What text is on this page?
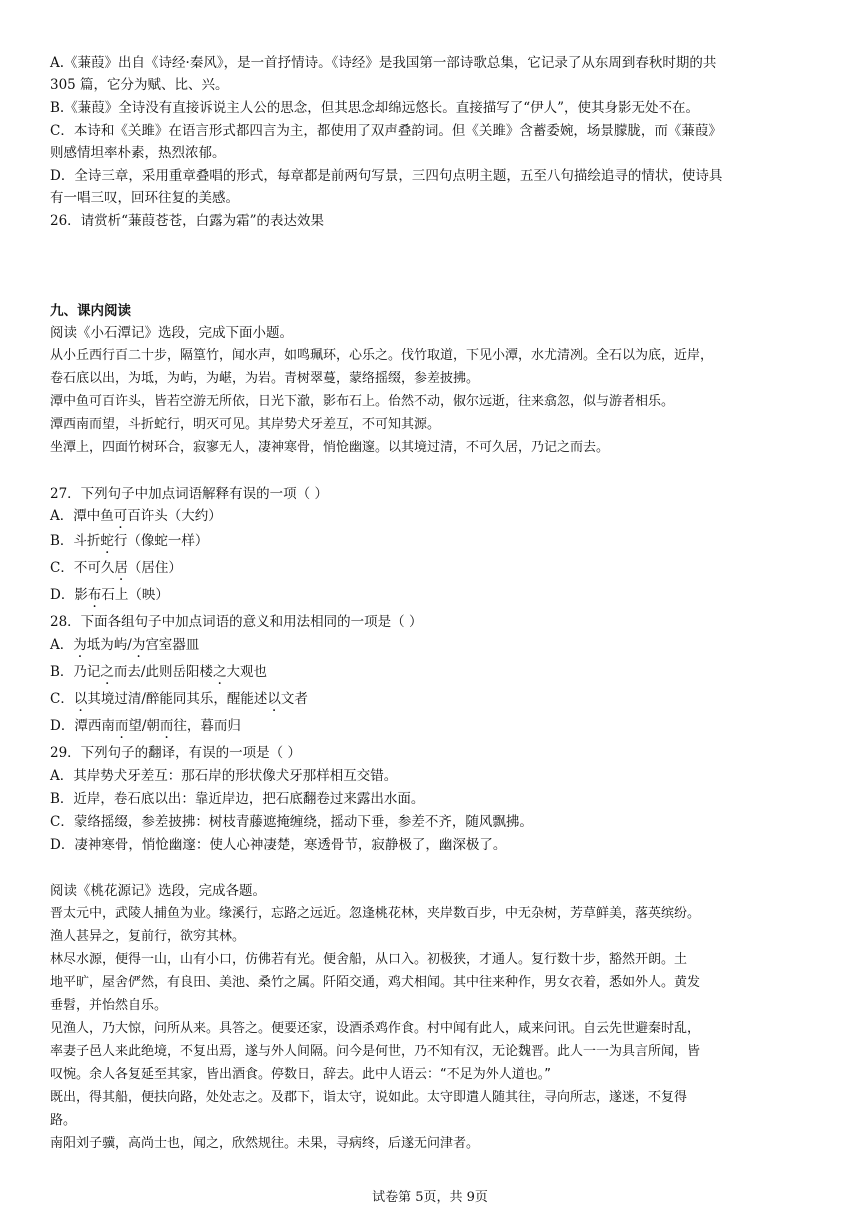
A.《蒹葭》出自《诗经·秦风》，是一首抒情诗。《诗经》是我国第一部诗歌总集，它记录了从东周到春秋时期的共
305 篇，它分为赋、比、兴。
B.《蒹葭》全诗没有直接诉说主人公的思念，但其思念却绵远悠长。直接描写了“伊人”，使其身影无处不在。
C．本诗和《关雎》在语言形式都四言为主，都使用了双声叠韵词。但《关雎》含蓄委婉，场景朦胧，而《蒹葭》
则感情坦率朴素，热烈浓郁。
D．全诗三章，采用重章叠唱的形式，每章都是前两句写景，三四句点明主题，五至八句描绘追寻的情状，使诗具
有一唱三叹，回环往复的美感。
26．请赏析“蒹葭苍苍，白露为霜”的表达效果
九、课内阅读
阅读《小石潭记》选段，完成下面小题。
从小丘西行百二十步，隔篁竹，闻水声，如鸣珮环，心乐之。伐竹取道，下见小潭，水尤清冽。全石以为底，近岸，
卷石底以出，为坻，为屿，为嵁，为岩。青树翠蔓，蒙络摇缀，参差披拂。
潭中鱼可百许头，皆若空游无所依，日光下澈，影布石上。佁然不动，俶尔远逝，往来翕忽，似与游者相乐。
潭西南而望，斗折蛇行，明灭可见。其岸势犬牙差互，不可知其源。
坐潭上，四面竹树环合，寂寥无人，凄神寒骨，悄怆幽邃。以其境过清，不可久居，乃记之而去。
27．下列句子中加点词语解释有误的一项（ ）
A．潭中鱼可百许头（大约）
B．斗折蛇行（像蛇一样）
C．不可久居（居住）
D．影布石上（映）
28．下面各组句子中加点词语的意义和用法相同的一项是（ ）
A．为坻为屿/为宫室器皿
B．乃记之而去/此则岳阳楼之大观也
C．以其境过清/醉能同其乐，醒能述以文者
D．潭西南而望/朝而往，暮而归
29．下列句子的翻译，有误的一项是（ ）
A．其岸势犬牙差互：那石岸的形状像犬牙那样相互交错。
B．近岸，卷石底以出：靠近岸边，把石底翻卷过来露出水面。
C．蒙络摇缀，参差披拂：树枝青藤遮掩缠绕，摇动下垂，参差不齐，随风飘拂。
D．凄神寒骨，悄怆幽邃：使人心神凄楚，寒透骨节，寂静极了，幽深极了。
阅读《桃花源记》选段，完成各题。
晋太元中，武陵人捕鱼为业。缘溪行，忘路之远近。忽逢桃花林，夹岸数百步，中无杂树，芳草鲜美，落英缤纷。
渔人甚异之，复前行，欲穷其林。
林尽水源，便得一山，山有小口，仿佛若有光。便舍船，从口入。初极狭，才通人。复行数十步，豁然开朗。土
地平旷，屋舍俨然，有良田、美池、桑竹之属。阡陌交通，鸡犬相闻。其中往来种作，男女衣着，悉如外人。黄发
垂髫，并怡然自乐。
见渔人，乃大惊，问所从来。具答之。便要还家，设酒杀鸡作食。村中闻有此人，咸来问讯。自云先世避秦时乱，
率妻子邑人来此绝境，不复出焉，遂与外人间隔。问今是何世，乃不知有汉，无论魏晋。此人一一为具言所闻，皆
叹惋。余人各复延至其家，皆出酒食。停数日，辞去。此中人语云：“不足为外人道也。”
既出，得其船，便扶向路，处处志之。及郡下，诣太守，说如此。太守即遣人随其往，寻向所志，遂迷，不复得
路。
南阳刘子骥，高尚士也，闻之，欣然规往。未果，寻病终，后遂无问津者。
试卷第 5页，共 9页
